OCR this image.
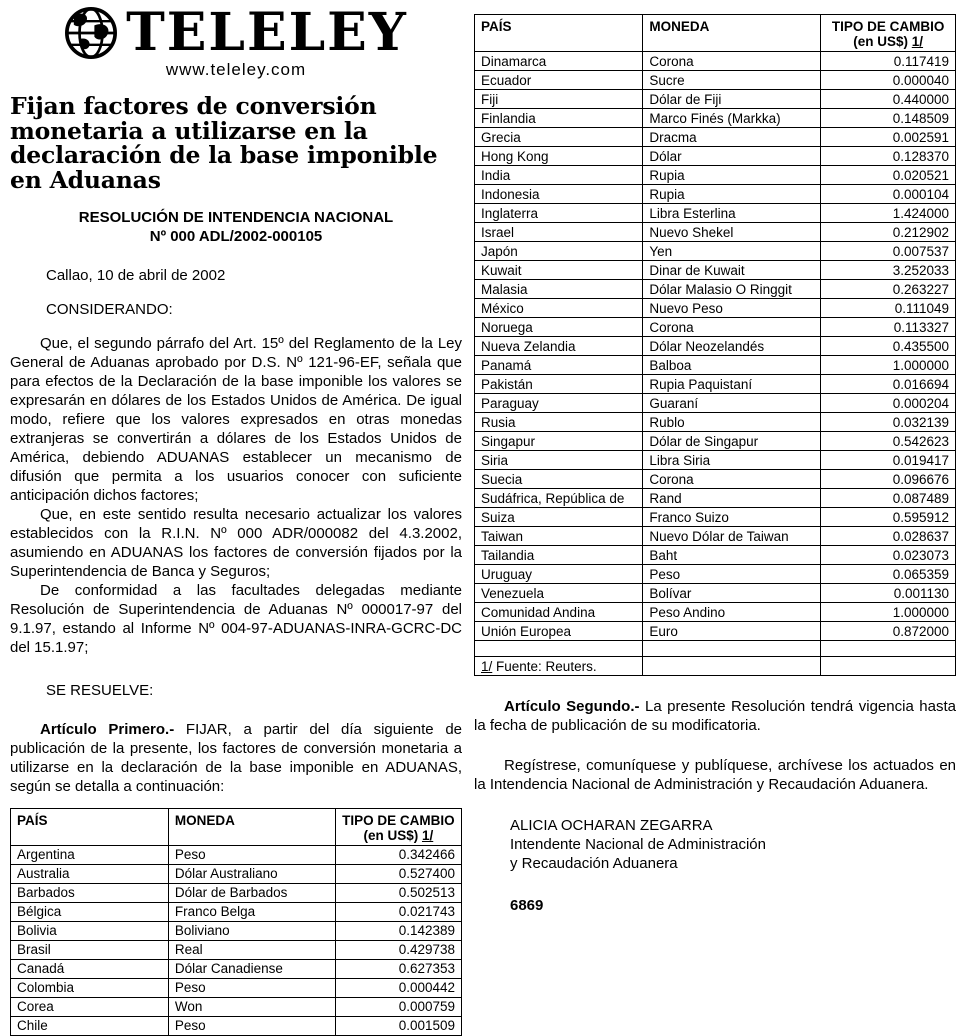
TELELEY
www.teleley.com
Fijan factores de conversión monetaria a utilizarse en la declaración de la base imponible en Aduanas
RESOLUCIÓN DE INTENDENCIA NACIONAL
Nº 000 ADL/2002-000105
Callao, 10 de abril de 2002
CONSIDERANDO:

Que, el segundo párrafo del Art. 15º del Reglamento de la Ley General de Aduanas aprobado por D.S. Nº 121-96-EF, señala que para efectos de la Declaración de la base imponible los valores se expresarán en dólares de los Estados Unidos de América. De igual modo, refiere que los valores expresados en otras monedas extranjeras se convertirán a dólares de los Estados Unidos de América, debiendo ADUANAS establecer un mecanismo de difusión que permita a los usuarios conocer con suficiente anticipación dichos factores;

Que, en este sentido resulta necesario actualizar los valores establecidos con la R.I.N. Nº 000 ADR/000082 del 4.3.2002, asumiendo en ADUANAS los factores de conversión fijados por la Superintendencia de Banca y Seguros;

De conformidad a las facultades delegadas mediante Resolución de Superintendencia de Aduanas Nº 000017-97 del 9.1.97, estando al Informe Nº 004-97-ADUANAS-INRA-GCRC-DC del 15.1.97;

SE RESUELVE:

Artículo Primero.- FIJAR, a partir del día siguiente de publicación de la presente, los factores de conversión monetaria a utilizarse en la declaración de la base imponible en ADUANAS, según se detalla a continuación:

PAÍS	MONEDA	TIPO DE CAMBIO
(en US$) 1/

Argentina	Peso	0.342466
Australia	Dólar Australiano	0.527400
Barbados	Dólar de Barbados	0.502513
Bélgica	Franco Belga	0.021743
Bolivia	Boliviano	0.142389
Brasil	Real	0.429738
Canadá	Dólar Canadiense	0.627353
Colombia	Peso	0.000442
Corea	Won	0.000759
Chile	Peso	0.001509
PAÍS	MONEDA	TIPO DE CAMBIO
(en US$) 1/

Dinamarca	Corona	0.117419
Ecuador	Sucre	0.000040
Fiji	Dólar de Fiji	0.440000
Finlandia	Marco Finés (Markka)	0.148509
Grecia	Dracma	0.002591
Hong Kong	Dólar	0.128370
India	Rupia	0.020521
Indonesia	Rupia	0.000104
Inglaterra	Libra Esterlina	1.424000
Israel	Nuevo Shekel	0.212902
Japón	Yen	0.007537
Kuwait	Dinar de Kuwait	3.252033
Malasia	Dólar Malasio O Ringgit	0.263227
México	Nuevo Peso	0.111049
Noruega	Corona	0.113327
Nueva Zelandia	Dólar Neozelandés	0.435500
Panamá	Balboa	1.000000
Pakistán	Rupia Paquistaní	0.016694
Paraguay	Guaraní	0.000204
Rusia	Rublo	0.032139
Singapur	Dólar de Singapur	0.542623
Siria	Libra Siria	0.019417
Suecia	Corona	0.096676
Sudáfrica, República de	Rand	0.087489
Suiza	Franco Suizo	0.595912
Taiwan	Nuevo Dólar de Taiwan	0.028637
Tailandia	Baht	0.023073
Uruguay	Peso	0.065359
Venezuela	Bolívar	0.001130
Comunidad Andina	Peso Andino	1.000000
Unión Europea	Euro	0.872000

1/ Fuente: Reuters.		

Artículo Segundo.- La presente Resolución tendrá vigencia hasta la fecha de publicación de su modificatoria.

Regístrese, comuníquese y publíquese, archívese los actuados en la Intendencia Nacional de Administración y Recaudación Aduanera.

ALICIA OCHARAN ZEGARRA
Intendente Nacional de Administración
y Recaudación Aduanera
6869
